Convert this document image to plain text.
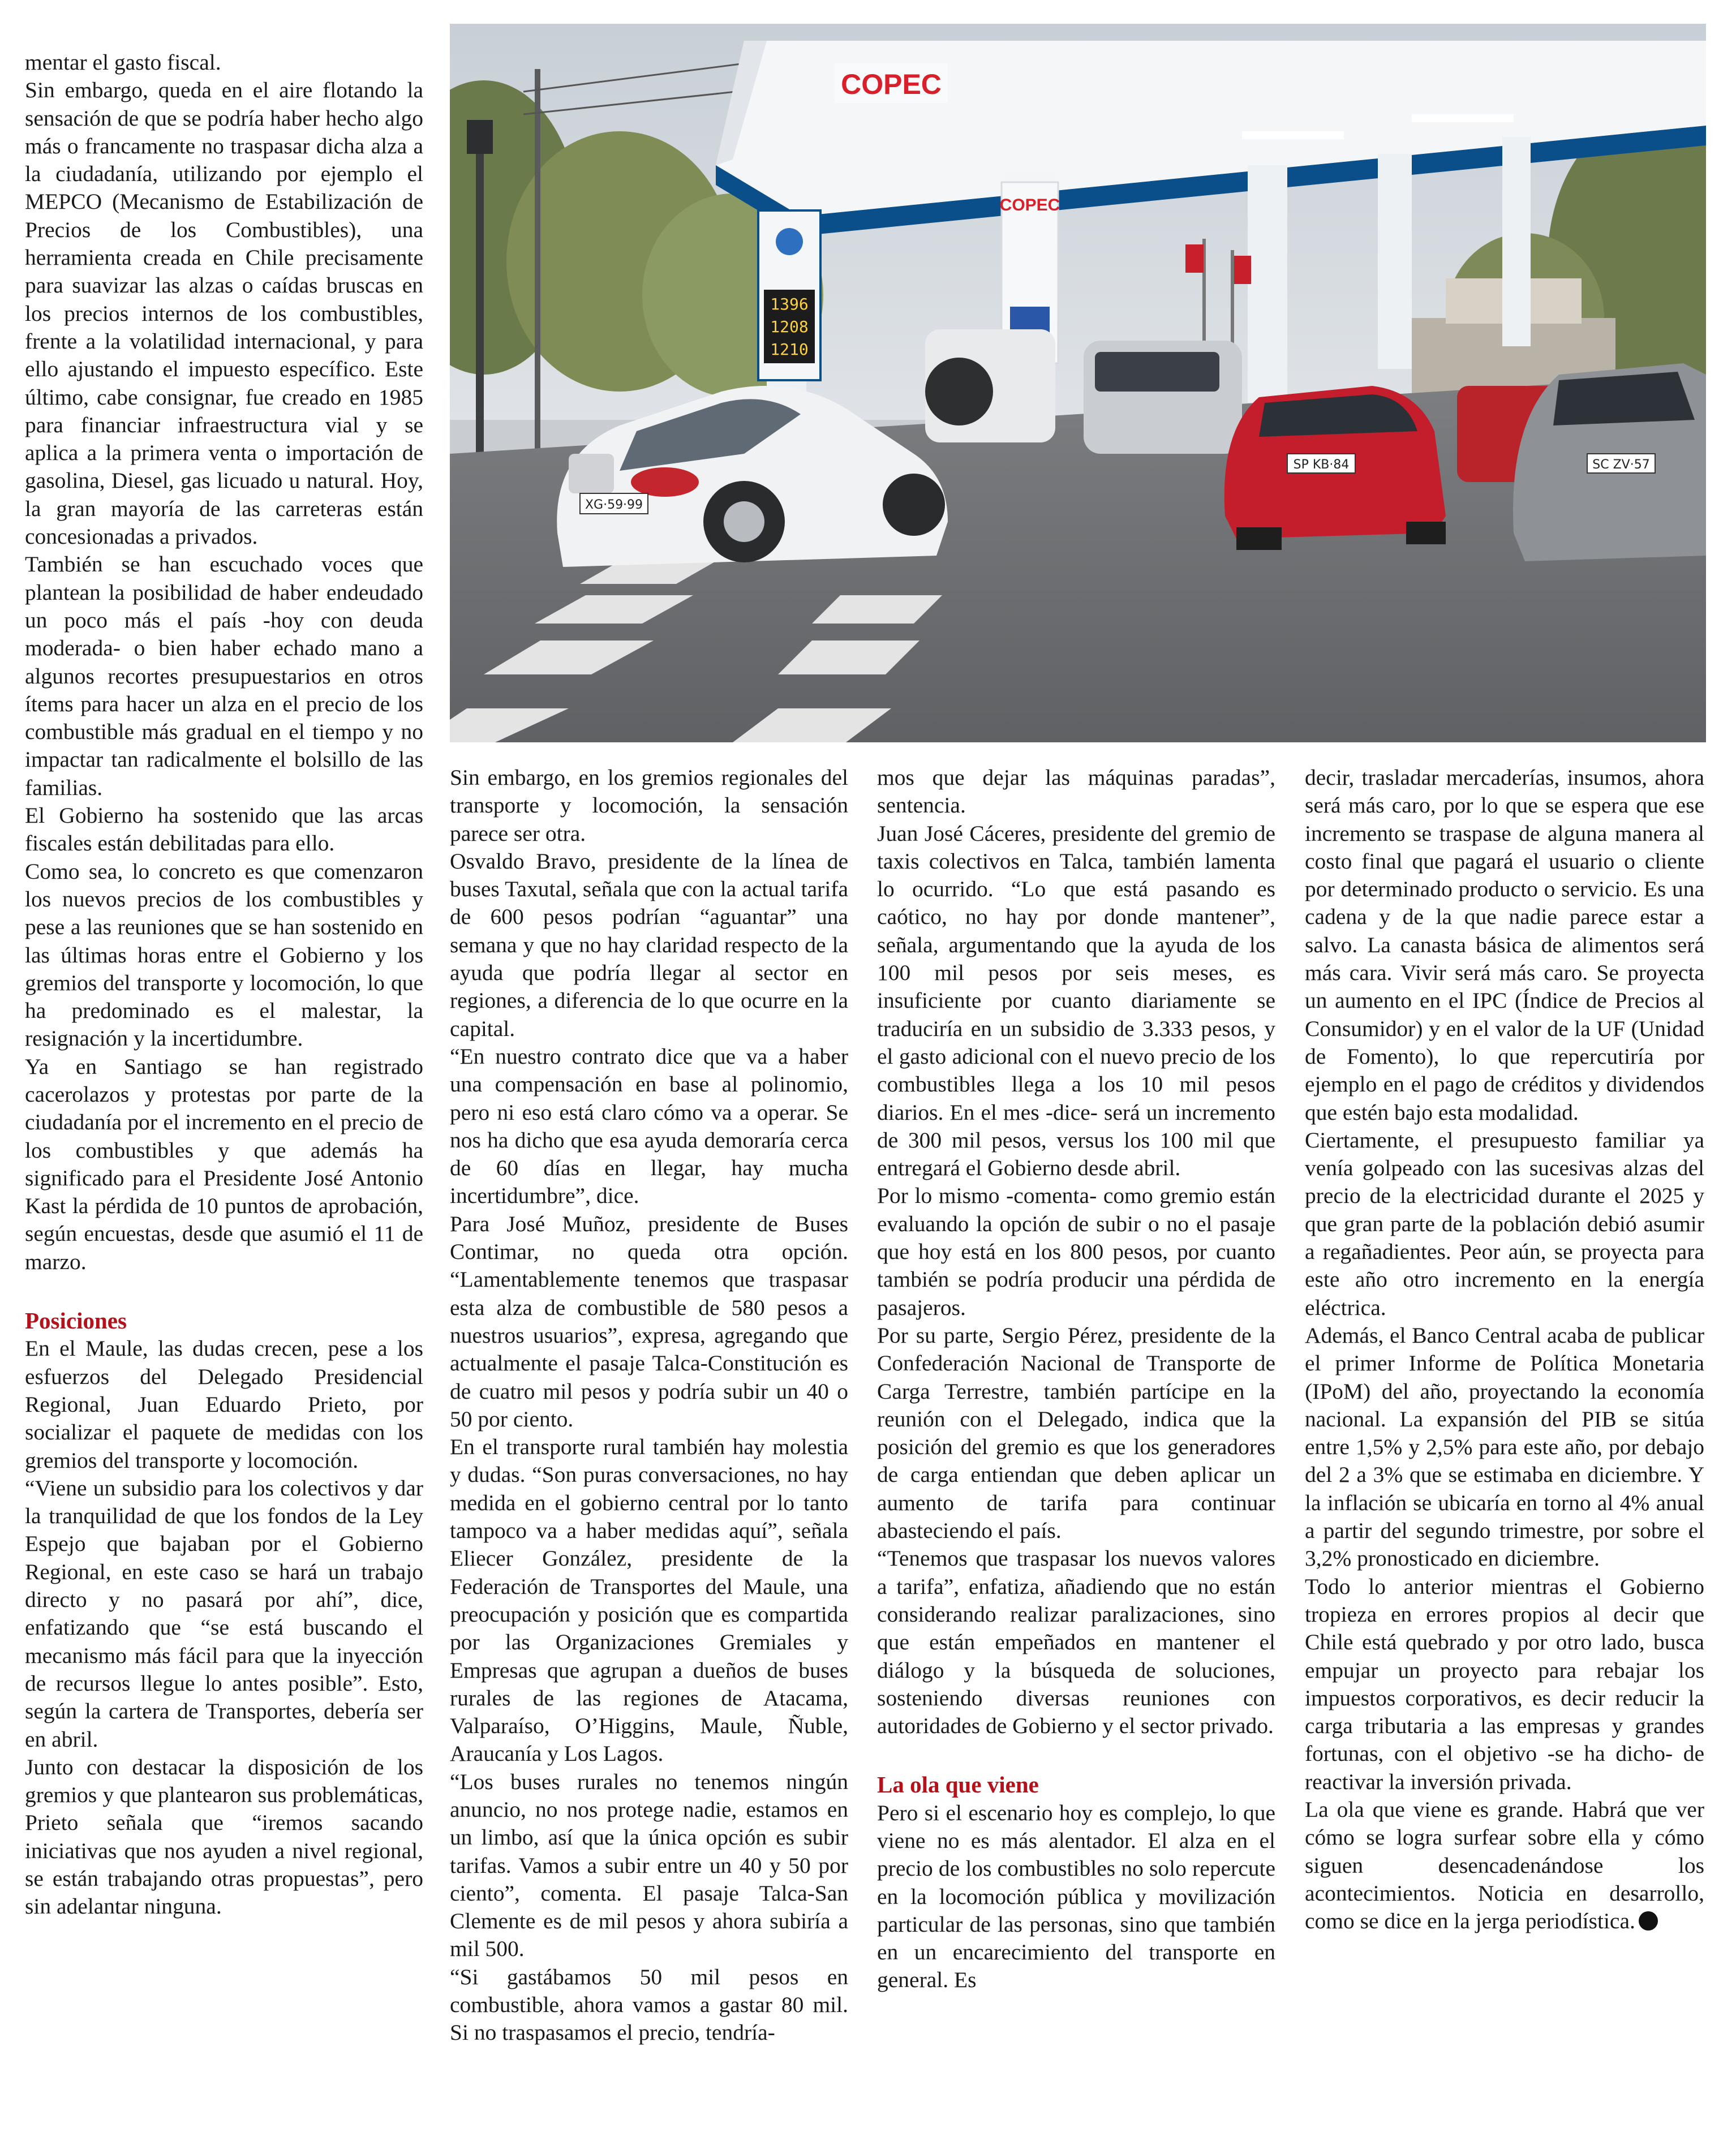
COPEC
COPEC
1396
1208
1210
XG·59·99
SP KB·84	SC ZV·57

mentar el gasto fiscal.

Sin embargo, queda en el aire flotando la sensación de que se podría haber hecho algo más o francamente no traspasar dicha alza a la ciudadanía, utilizando por ejemplo el MEPCO (Mecanismo de Estabilización de Precios de los Combustibles), una herramienta creada en Chile precisamente para suavizar las alzas o caídas bruscas en los precios internos de los combustibles, frente a la volatilidad internacional, y para ello ajustando el impuesto específico. Este último, cabe consignar, fue creado en 1985 para financiar infraestructura vial y se aplica a la primera venta o importación de gasolina, Diesel, gas licuado u natural. Hoy, la gran mayoría de las carreteras están concesionadas a privados.

También se han escuchado voces que plantean la posibilidad de haber endeudado un poco más el país -hoy con deuda moderada- o bien haber echado mano a algunos recortes presupuestarios en otros ítems para hacer un alza en el precio de los combustible más gradual en el tiempo y no impactar tan radicalmente el bolsillo de las familias.

El Gobierno ha sostenido que las arcas fiscales están debilitadas para ello.

Como sea, lo concreto es que comenzaron los nuevos precios de los combustibles y pese a las reuniones que se han sostenido en las últimas horas entre el Gobierno y los gremios del transporte y locomoción, lo que ha predominado es el malestar, la resignación y la incertidumbre.

Ya en Santiago se han registrado cacerolazos y protestas por parte de la ciudadanía por el incremento en el precio de los combustibles y que además ha significado para el Presidente José Antonio Kast la pérdida de 10 puntos de aprobación, según encuestas, desde que asumió el 11 de marzo.

Posiciones

En el Maule, las dudas crecen, pese a los esfuerzos del Delegado Presidencial Regional, Juan Eduardo Prieto, por socializar el paquete de medidas con los gremios del transporte y locomoción.

“Viene un subsidio para los colectivos y dar la tranquilidad de que los fondos de la Ley Espejo que bajaban por el Gobierno Regional, en este caso se hará un trabajo directo y no pasará por ahí”, dice, enfatizando que “se está buscando el mecanismo más fácil para que la inyección de recursos llegue lo antes posible”. Esto, según la cartera de Transportes, debería ser en abril.

Junto con destacar la disposición de los gremios y que plantearon sus problemáticas, Prieto señala que “iremos sacando iniciativas que nos ayuden a nivel regional, se están trabajando otras propuestas”, pero sin adelantar ninguna.

Sin embargo, en los gremios regionales del transporte y locomoción, la sensación parece ser otra.

Osvaldo Bravo, presidente de la línea de buses Taxutal, señala que con la actual tarifa de 600 pesos podrían “aguantar” una semana y que no hay claridad respecto de la ayuda que podría llegar al sector en regiones, a diferencia de lo que ocurre en la capital.

“En nuestro contrato dice que va a haber una compensación en base al polinomio, pero ni eso está claro cómo va a operar. Se nos ha dicho que esa ayuda demoraría cerca de 60 días en llegar, hay mucha incertidumbre”, dice.

Para José Muñoz, presidente de Buses Contimar, no queda otra opción. “Lamentablemente tenemos que traspasar esta alza de combustible de 580 pesos a nuestros usuarios”, expresa, agregando que actualmente el pasaje Talca-Constitución es de cuatro mil pesos y podría subir un 40 o 50 por ciento.

En el transporte rural también hay molestia y dudas. “Son puras conversaciones, no hay medida en el gobierno central por lo tanto tampoco va a haber medidas aquí”, señala Eliecer González, presidente de la Federación de Transportes del Maule, una preocupación y posición que es compartida por las Organizaciones Gremiales y Empresas que agrupan a dueños de buses rurales de las regiones de Atacama, Valparaíso, O’Higgins, Maule, Ñuble, Araucanía y Los Lagos.

“Los buses rurales no tenemos ningún anuncio, no nos protege nadie, estamos en un limbo, así que la única opción es subir tarifas. Vamos a subir entre un 40 y 50 por ciento”, comenta. El pasaje Talca-San Clemente es de mil pesos y ahora subiría a mil 500.

“Si gastábamos 50 mil pesos en combustible, ahora vamos a gastar 80 mil. Si no traspasamos el precio, tendría-

mos que dejar las máquinas paradas”, sentencia.

Juan José Cáceres, presidente del gremio de taxis colectivos en Talca, también lamenta lo ocurrido. “Lo que está pasando es caótico, no hay por donde mantener”, señala, argumentando que la ayuda de los 100 mil pesos por seis meses, es insuficiente por cuanto diariamente se traduciría en un subsidio de 3.333 pesos, y el gasto adicional con el nuevo precio de los combustibles llega a los 10 mil pesos diarios. En el mes -dice- será un incremento de 300 mil pesos, versus los 100 mil que entregará el Gobierno desde abril.

Por lo mismo -comenta- como gremio están evaluando la opción de subir o no el pasaje que hoy está en los 800 pesos, por cuanto también se podría producir una pérdida de pasajeros.

Por su parte, Sergio Pérez, presidente de la Confederación Nacional de Transporte de Carga Terrestre, también partícipe en la reunión con el Delegado, indica que la posición del gremio es que los generadores de carga entiendan que deben aplicar un aumento de tarifa para continuar abasteciendo el país.

“Tenemos que traspasar los nuevos valores a tarifa”, enfatiza, añadiendo que no están considerando realizar paralizaciones, sino que están empeñados en mantener el diálogo y la búsqueda de soluciones, sosteniendo diversas reuniones con autoridades de Gobierno y el sector privado.

La ola que viene

Pero si el escenario hoy es complejo, lo que viene no es más alentador. El alza en el precio de los combustibles no solo repercute en la locomoción pública y movilización particular de las personas, sino que también en un encarecimiento del transporte en general. Es

decir, trasladar mercaderías, insumos, ahora será más caro, por lo que se espera que ese incremento se traspase de alguna manera al costo final que pagará el usuario o cliente por determinado producto o servicio. Es una cadena y de la que nadie parece estar a salvo. La canasta básica de alimentos será más cara. Vivir será más caro. Se proyecta un aumento en el IPC (Índice de Precios al Consumidor) y en el valor de la UF (Unidad de Fomento), lo que repercutiría por ejemplo en el pago de créditos y dividendos que estén bajo esta modalidad.

Ciertamente, el presupuesto familiar ya venía golpeado con las sucesivas alzas del precio de la electricidad durante el 2025 y que gran parte de la población debió asumir a regañadientes. Peor aún, se proyecta para este año otro incremento en la energía eléctrica.

Además, el Banco Central acaba de publicar el primer Informe de Política Monetaria (IPoM) del año, proyectando la economía nacional. La expansión del PIB se sitúa entre 1,5% y 2,5% para este año, por debajo del 2 a 3% que se estimaba en diciembre. Y la inflación se ubicaría en torno al 4% anual a partir del segundo trimestre, por sobre el 3,2% pronosticado en diciembre.

Todo lo anterior mientras el Gobierno tropieza en errores propios al decir que Chile está quebrado y por otro lado, busca empujar un proyecto para rebajar los impuestos corporativos, es decir reducir la carga tributaria a las empresas y grandes fortunas, con el objetivo -se ha dicho- de reactivar la inversión privada.

La ola que viene es grande. Habrá que ver cómo se logra surfear sobre ella y cómo siguen desencadenándose los acontecimientos. Noticia en desarrollo, como se dice en la jerga periodística.
